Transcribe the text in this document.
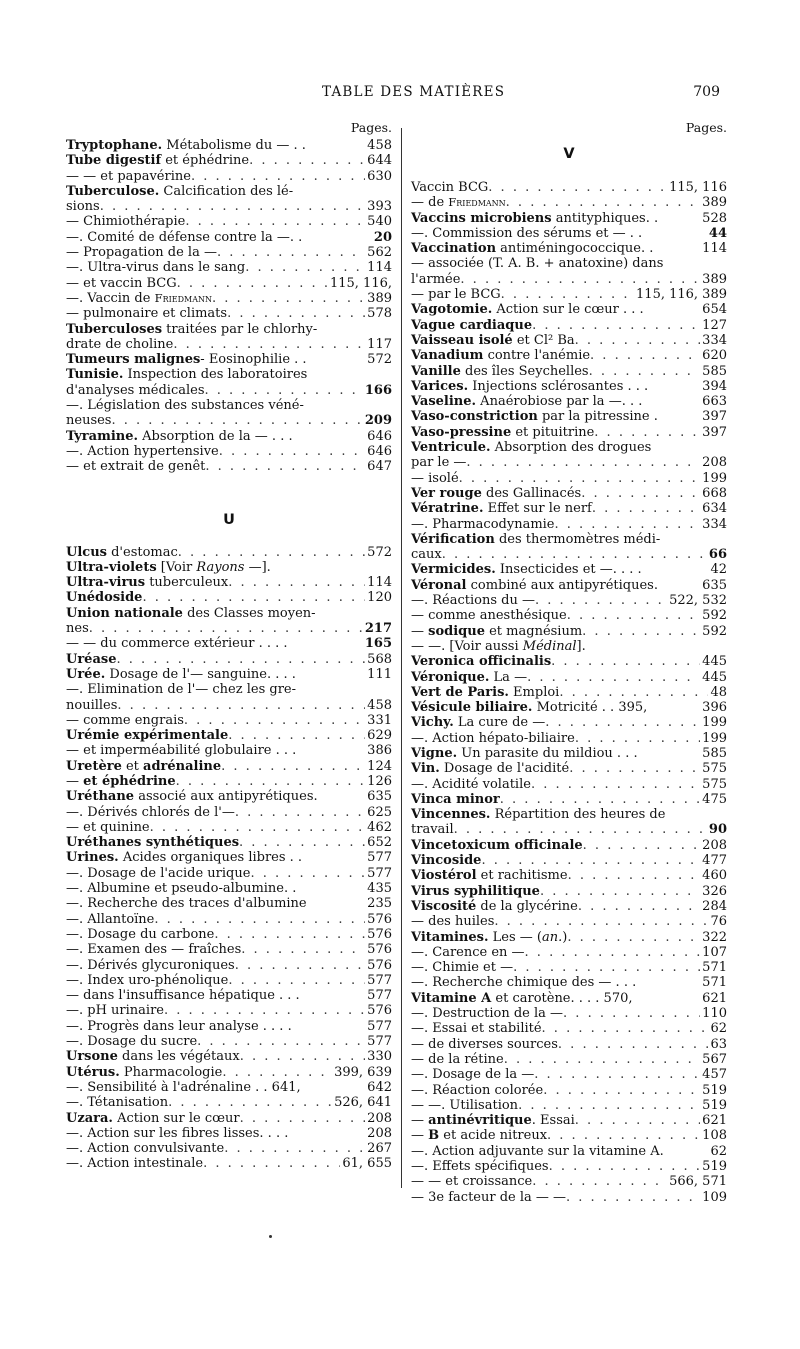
TABLE DES MATIÈRES	709
Pages.
Tryptophane. Métabolisme du — . .	458
Tube digestif et éphédrine . . .	644
— — et papavérine . . .	630
Tuberculose. Calcification des lé-
sions . . .	393
— Chimiothérapie . . .	540
—. Comité de défense contre la —. .	20
— Propagation de la — . . .	562
—. Ultra-virus dans le sang . . .	114
— et vaccin BCG . . .	115, 116,
—. Vaccin de Friedmann . . .	389
— pulmonaire et climats . . .	578
Tuberculoses traitées par le chlorhy-
drate de choline . . .	117
Tumeurs malignes- Eosinophilie . .	572
Tunisie. Inspection des laboratoires
d'analyses médicales . . .	166
—. Législation des substances véné-
neuses . . .	209
Tyramine. Absorption de la — . . .	646
—. Action hypertensive . . .	646
— et extrait de genêt . . .	647
U
Ulcus d'estomac . . .	572
Ultra-violets [Voir Rayons —].
Ultra-virus tuberculeux . . .	114
Unédoside . . .	120
Union nationale des Classes moyen-
nes . . .	217
— — du commerce extérieur . . . .	165
Uréase . . .	568
Urée. Dosage de l'— sanguine. . . .	111
—. Elimination de l'— chez les gre-
nouilles . . .	458
— comme engrais . . .	331
Urémie expérimentale . . .	629
— et imperméabilité globulaire . . .	386
Uretère et adrénaline . . .	124
— et éphédrine . . .	126
Uréthane associé aux antipyrétiques.	635
—. Dérivés chlorés de l'— . . .	625
— et quinine . . .	462
Uréthanes synthétiques . . .	652
Urines. Acides organiques libres . .	577
—. Dosage de l'acide urique . . .	577
—. Albumine et pseudo-albumine. .	435
—. Recherche des traces d'albumine	235
—. Allantoïne . . .	576
—. Dosage du carbone . . .	576
—. Examen des — fraîches . . .	576
—. Dérivés glycuroniques . . .	576
—. Index uro-phénolique . . .	577
— dans l'insuffisance hépatique . . .	577
—. pH urinaire . . .	576
—. Progrès dans leur analyse . . . .	577
—. Dosage du sucre . . .	577
Ursone dans les végétaux . . .	330
Utérus. Pharmacologie . . .	399, 639
—. Sensibilité à l'adrénaline . . 641,	642
—. Tétanisation . . .	526, 641
Uzara. Action sur le cœur . . .	208
—. Action sur les fibres lisses. . . .	208
—. Action convulsivante . . .	267
—. Action intestinale . . .	61, 655
Pages.
V
Vaccin BCG . . .	115, 116
— de Friedmann . . .	389
Vaccins microbiens antityphiques. .	528
—. Commission des sérums et — . .	44
Vaccination antiméningococcique. .	114
— associée (T. A. B. + anatoxine) dans
l'armée . . .	389
— par le BCG . . .	115, 116, 389
Vagotomie. Action sur le cœur . . .	654
Vague cardiaque . . .	127
Vaisseau isolé et Cl² Ba . . .	334
Vanadium contre l'anémie . . .	620
Vanille des îles Seychelles . . .	585
Varices. Injections sclérosantes . . .	394
Vaseline. Anaérobiose par la —. . .	663
Vaso-constriction par la pitressine .	397
Vaso-pressine et pituitrine . . .	397
Ventricule. Absorption des drogues
par le — . . .	208
— isolé . . .	199
Ver rouge des Gallinacés . . .	668
Vératrine. Effet sur le nerf . . .	634
—. Pharmacodynamie . . .	334
Vérification des thermomètres médi-
caux . . .	66
Vermicides. Insecticides et —. . . .	42
Véronal combiné aux antipyrétiques.	635
—. Réactions du — . . .	522, 532
— comme anesthésique . . .	592
— sodique et magnésium . . .	592
— —. [Voir aussi Médinal].
Veronica officinalis . . .	445
Véronique. La — . . .	445
Vert de Paris. Emploi . . .	48
Vésicule biliaire. Motricité . . 395,	396
Vichy. La cure de — . . .	199
—. Action hépato-biliaire . . .	199
Vigne. Un parasite du mildiou . . .	585
Vin. Dosage de l'acidité . . .	575
—. Acidité volatile . . .	575
Vinca minor . . .	475
Vincennes. Répartition des heures de
travail . . .	90
Vincetoxicum officinale . . .	208
Vincoside . . .	477
Viostérol et rachitisme . . .	460
Virus syphilitique . . .	326
Viscosité de la glycérine . . .	284
— des huiles . . .	76
Vitamines. Les — (an.) . . .	322
—. Carence en — . . .	107
—. Chimie et — . . .	571
—. Recherche chimique des — . . .	571
Vitamine A et carotène. . . . 570,	621
—. Destruction de la — . . .	110
—. Essai et stabilité . . .	62
— de diverses sources . . .	63
— de la rétine . . .	567
—. Dosage de la — . . .	457
—. Réaction colorée . . .	519
— —. Utilisation . . .	519
— antinévritique. Essai . . .	621
— B et acide nitreux . . .	108
—. Action adjuvante sur la vitamine A.	62
—. Effets spécifiques . . .	519
— — et croissance . . .	566, 571
— 3e facteur de la — — . . .	109
